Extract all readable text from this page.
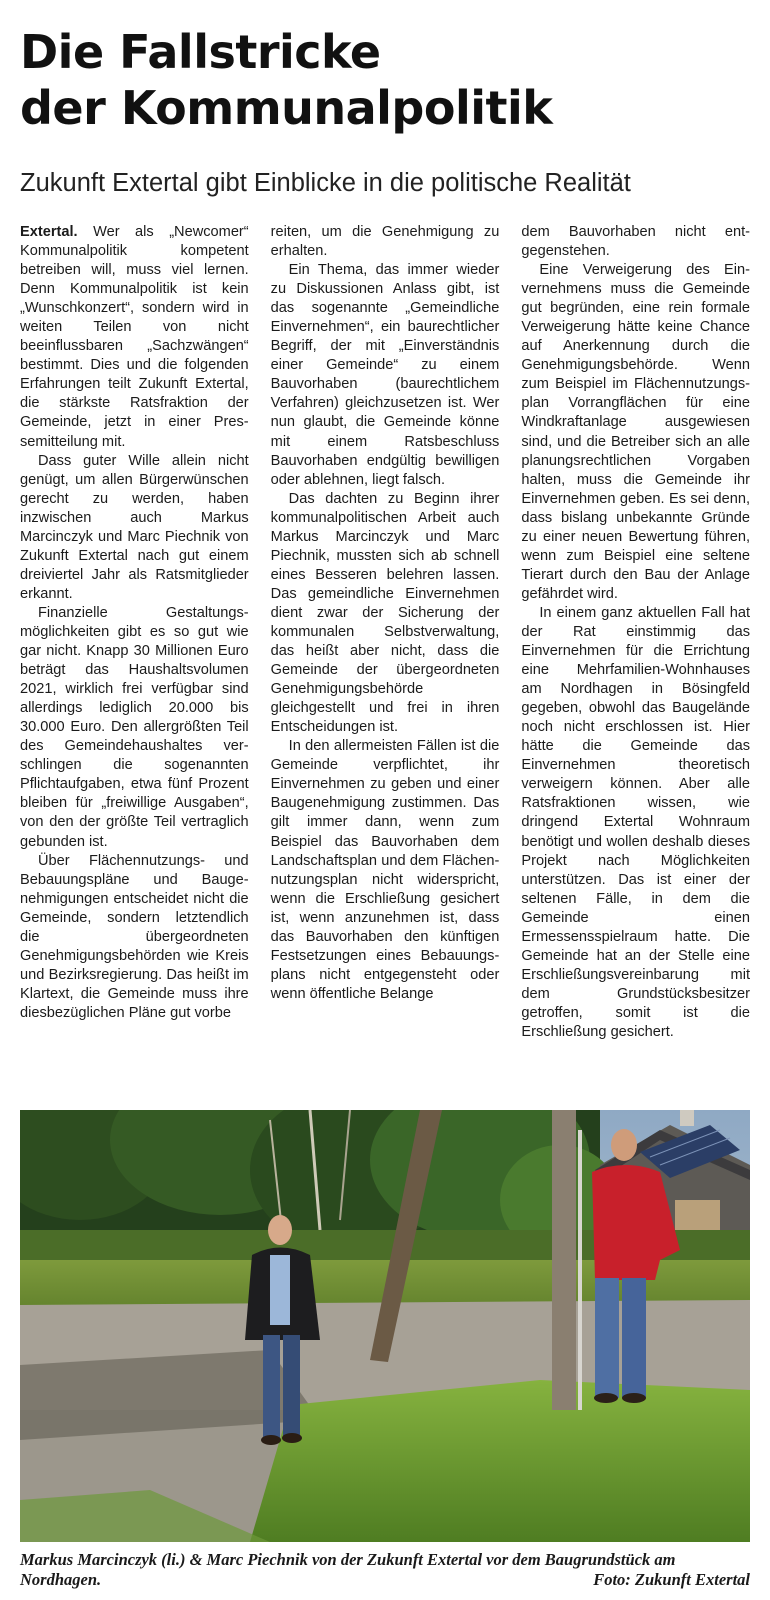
Die Fallstricke
der Kommunalpolitik
Zukunft Extertal gibt Einblicke in die politische Realität

Extertal. Wer als „Newcomer“ Kommunalpolitik kompetent betreiben will, muss viel lernen. Denn Kommunalpolitik ist kein „Wunschkonzert“, sondern wird in weiten Teilen von nicht beeinflussbaren „Sachzwängen“ bestimmt. Dies und die folgenden Erfahrungen teilt Zukunft Extertal, die stärkste Ratsfraktion der Gemeinde, jetzt in einer Pressemitteilung mit.

Dass guter Wille allein nicht genügt, um allen Bürgerwünschen gerecht zu werden, haben inzwischen auch Markus Marcinczyk und Marc Piechnik von Zukunft Extertal nach gut einem dreiviertel Jahr als Ratsmitglieder erkannt.

Finanzielle Gestaltungsmöglichkeiten gibt es so gut wie gar nicht. Knapp 30 Millionen Euro beträgt das Haushaltsvolumen 2021, wirklich frei verfügbar sind allerdings lediglich 20.000 bis 30.000 Euro. Den allergrößten Teil des Gemeindehaushaltes verschlingen die sogenannten Pflichtaufgaben, etwa fünf Prozent bleiben für „freiwillige Ausgaben“, von den der größte Teil vertraglich gebunden ist.

Über Flächennutzungs- und Bebauungspläne und Baugenehmigungen entscheidet nicht die Gemeinde, sondern letztendlich die übergeordneten Genehmigungsbehörden wie Kreis und Bezirksregierung. Das heißt im Klartext, die Gemeinde muss ihre diesbezüglichen Pläne gut vorbe

reiten, um die Genehmigung zu erhalten.

Ein Thema, das immer wieder zu Diskussionen Anlass gibt, ist das sogenannte „Gemeindliche Einvernehmen“, ein baurechtlicher Begriff, der mit „Einverständnis einer Gemeinde“ zu einem Bauvorhaben (baurechtlichem Verfahren) gleichzusetzen ist. Wer nun glaubt, die Gemeinde könne mit einem Ratsbeschluss Bauvorhaben endgültig bewilligen oder ablehnen, liegt falsch.

Das dachten zu Beginn ihrer kommunalpolitischen Arbeit auch Markus Marcinczyk und Marc Piechnik, mussten sich ab schnell eines Besseren belehren lassen. Das gemeindliche Einvernehmen dient zwar der Sicherung der kommunalen Selbstverwaltung, das heißt aber nicht, dass die Gemeinde der übergeordneten Genehmigungsbehörde gleichgestellt und frei in ihren Entscheidungen ist.

In den allermeisten Fällen ist die Gemeinde verpflichtet, ihr Einvernehmen zu geben und einer Baugenehmigung zustimmen. Das gilt immer dann, wenn zum Beispiel das Bauvorhaben dem Landschaftsplan und dem Flächennutzungsplan nicht widerspricht, wenn die Erschließung gesichert ist, wenn anzunehmen ist, dass das Bauvorhaben den künftigen Festsetzungen eines Bebauungsplans nicht entgegensteht oder wenn öffentliche Belange

dem Bauvorhaben nicht entgegenstehen.

Eine Verweigerung des Einvernehmens muss die Gemeinde gut begründen, eine rein formale Verweigerung hätte keine Chance auf Anerkennung durch die Genehmigungsbehörde. Wenn zum Beispiel im Flächennutzungsplan Vorrangflächen für eine Windkraftanlage ausgewiesen sind, und die Betreiber sich an alle planungsrechtlichen Vorgaben halten, muss die Gemeinde ihr Einvernehmen geben. Es sei denn, dass bislang unbekannte Gründe zu einer neuen Bewertung führen, wenn zum Beispiel eine seltene Tierart durch den Bau der Anlage gefährdet wird.

In einem ganz aktuellen Fall hat der Rat einstimmig das Einvernehmen für die Errichtung eine Mehrfamilien-Wohnhauses am Nordhagen in Bösingfeld gegeben, obwohl das Baugelände noch nicht erschlossen ist. Hier hätte die Gemeinde das Einvernehmen theoretisch verweigern können. Aber alle Ratsfraktionen wissen, wie dringend Extertal Wohnraum benötigt und wollen deshalb dieses Projekt nach Möglichkeiten unterstützen. Das ist einer der seltenen Fälle, in dem die Gemeinde einen Ermessensspielraum hatte. Die Gemeinde hat an der Stelle eine Erschließungsvereinbarung mit dem Grundstücksbesitzer getroffen, somit ist die Erschließung gesichert.

Markus Marcinczyk (li.) & Marc Piechnik von der Zukunft Extertal vor dem Baugrundstück am
Nordhagen.	Foto: Zukunft Extertal
